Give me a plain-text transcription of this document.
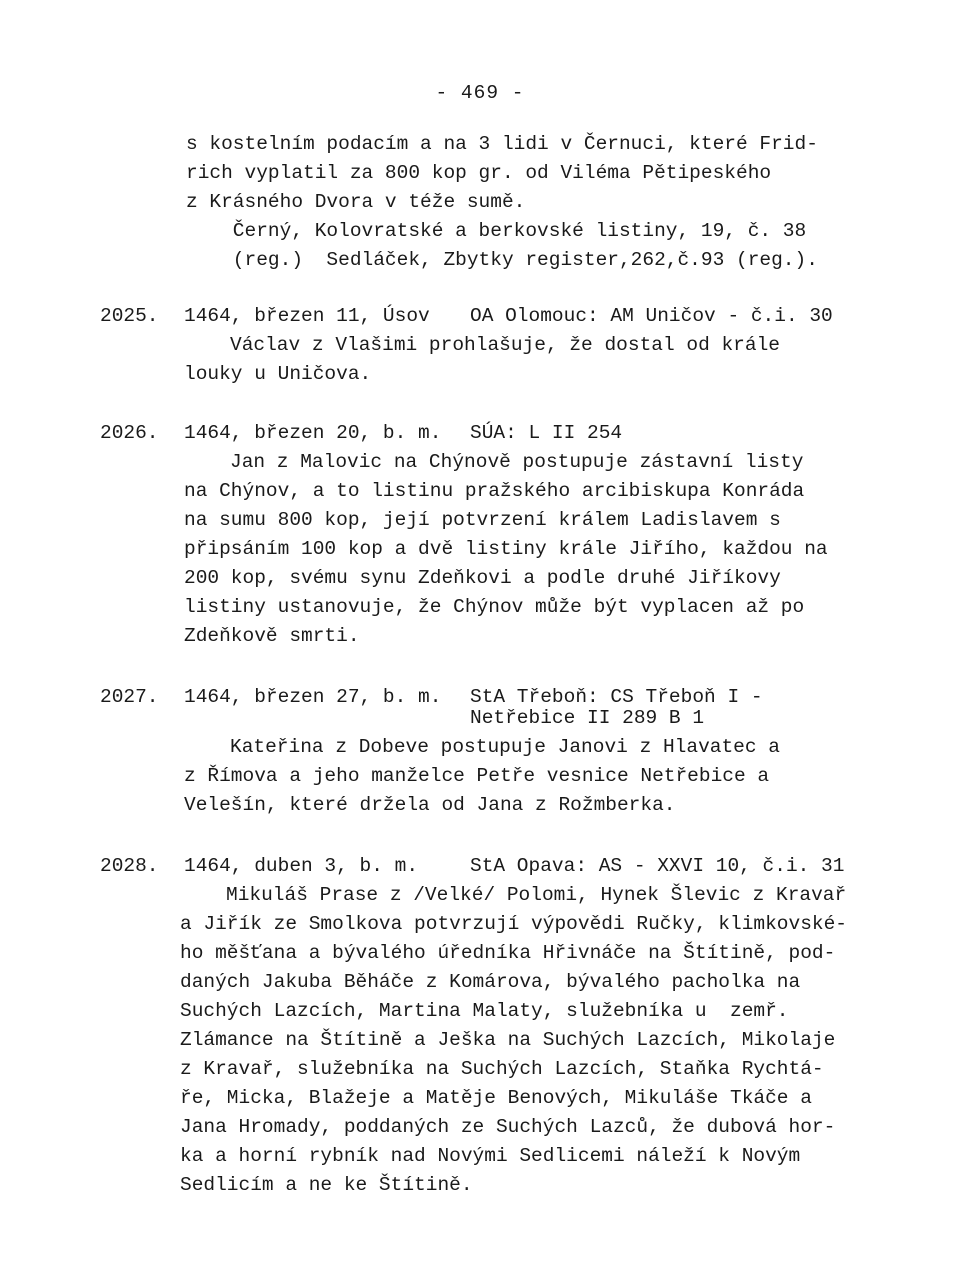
- 469 -
s kostelním podacím a na 3 lidi v Černuci, které Frid-
rich vyplatil za 800 kop gr. od Viléma Pětipeského
z Krásného Dvora v téže sumě.
Černý, Kolovratské a berkovské listiny, 19, č. 38
(reg.)  Sedláček, Zbytky register,262,č.93 (reg.).
2025. 1464, březen 11, Úsov OA Olomouc: AM Uničov - č.i. 30
Václav z Vlašimi prohlašuje, že dostal od krále
louky u Uničova.
2026. 1464, březen 20, b. m. SÚA: L II 254
Jan z Malovic na Chýnově postupuje zástavní listy
na Chýnov, a to listinu pražského arcibiskupa Konráda
na sumu 800 kop, její potvrzení králem Ladislavem s
připsáním 100 kop a dvě listiny krále Jiřího, každou na
200 kop, svému synu Zdeňkovi a podle druhé Jiříkovy
listiny ustanovuje, že Chýnov může být vyplacen až po
Zdeňkově smrti.
2027. 1464, březen 27, b. m. StA Třeboň: CS Třeboň I -
Netřebice II 289 B 1
Kateřina z Dobeve postupuje Janovi z Hlavatec a
z Římova a jeho manželce Petře vesnice Netřebice a
Velešín, které držela od Jana z Rožmberka.
2028. 1464, duben 3, b. m.	StA Opava: AS - XXVI 10, č.i. 31
Mikuláš Prase z /Velké/ Polomi, Hynek Šlevic z Kravař
a Jiřík ze Smolkova potvrzují výpovědi Ručky, klimkovské-
ho měšťana a bývalého úředníka Hřivnáče na Štítině, pod-
daných Jakuba Běháče z Komárova, bývalého pacholka na
Suchých Lazcích, Martina Malaty, služebníka u  zemř.
Zlámance na Štítině a Ješka na Suchých Lazcích, Mikolaje
z Kravař, služebníka na Suchých Lazcích, Staňka Rychtá-
ře, Micka, Blažeje a Matěje Benových, Mikuláše Tkáče a
Jana Hromady, poddaných ze Suchých Lazců, že dubová hor-
ka a horní rybník nad Novými Sedlicemi náleží k Novým
Sedlicím a ne ke Štítině.
